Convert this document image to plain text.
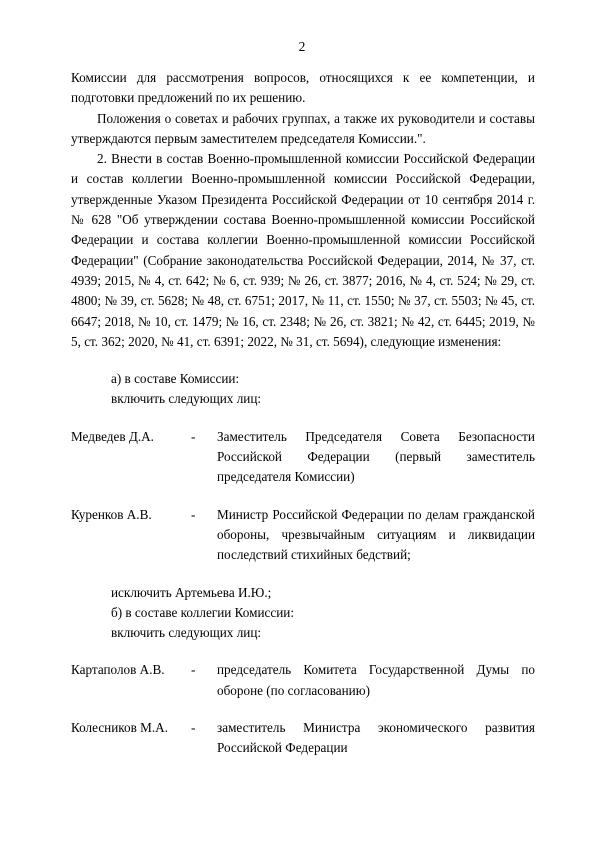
2

Комиссии для рассмотрения вопросов, относящихся к ее компетенции, и подготовки предложений по их решению.

Положения о советах и рабочих группах, а также их руководители и составы утверждаются первым заместителем председателя Комиссии.".

2. Внести в состав Военно-промышленной комиссии Российской Федерации и состав коллегии Военно-промышленной комиссии Российской Федерации, утвержденные Указом Президента Российской Федерации от 10 сентября 2014 г. № 628 "Об утверждении состава Военно-промышленной комиссии Российской Федерации и состава коллегии Военно-промышленной комиссии Российской Федерации" (Собрание законодательства Российской Федерации, 2014, № 37, ст. 4939; 2015, № 4, ст. 642; № 6, ст. 939; № 26, ст. 3877; 2016, № 4, ст. 524; № 29, ст. 4800; № 39, ст. 5628; № 48, ст. 6751; 2017, № 11, ст. 1550; № 37, ст. 5503; № 45, ст. 6647; 2018, № 10, ст. 1479; № 16, ст. 2348; № 26, ст. 3821; № 42, ст. 6445; 2019, № 5, ст. 362; 2020, № 41, ст. 6391; 2022, № 31, ст. 5694), следующие изменения:

а) в составе Комиссии:
включить следующих лиц:
Медведев Д.А.	-	Заместитель Председателя Совета Безопасности Российской Федерации (первый заместитель председателя Комиссии)
Куренков А.В.	-	Министр Российской Федерации по делам гражданской обороны, чрезвычайным ситуациям и ликвидации последствий стихийных бедствий;
исключить Артемьева И.Ю.;
б) в составе коллегии Комиссии:
включить следующих лиц:
Картаполов А.В.	-	председатель Комитета Государственной Думы по обороне (по согласованию)
Колесников М.А.	-	заместитель Министра экономического развития Российской Федерации
